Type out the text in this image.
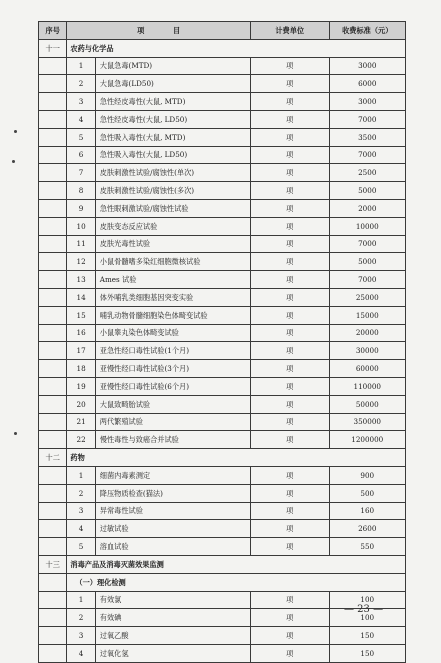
序号	项　　　　目		计费单位	收费标准（元）
十一	农药与化学品			
	1	大鼠急毒(MTD)	项	3000
	2	大鼠急毒(LD50)	项	6000
	3	急性经皮毒性(大鼠, MTD)	项	3000
	4	急性经皮毒性(大鼠, LD50)	项	7000
	5	急性吸入毒性(大鼠, MTD)	项	3500
	6	急性吸入毒性(大鼠, LD50)	项	7000
	7	皮肤刺激性试验/腐蚀性(单次)	项	2500
	8	皮肤刺激性试验/腐蚀性(多次)	项	5000
	9	急性眼刺激试验/腐蚀性试验	项	2000
	10	皮肤变态反应试验	项	10000
	11	皮肤光毒性试验	项	7000
	12	小鼠骨髓嗜多染红细胞微核试验	项	5000
	13	Ames 试验	项	7000
	14	体外哺乳类细胞基因突变实验	项	25000
	15	哺乳动物骨髓细胞染色体畸变试验	项	15000
	16	小鼠睾丸染色体畸变试验	项	20000
	17	亚急性经口毒性试验(1个月)	项	30000
	18	亚慢性经口毒性试验(3个月)	项	60000
	19	亚慢性经口毒性试验(6个月)	项	110000
	20	大鼠致畸胎试验	项	50000
	21	两代繁殖试验	项	350000
	22	慢性毒性与致癌合并试验	项	1200000
十二	药物			
	1	细菌内毒素测定	项	900
	2	降压物质检查(猫法)	项	500
	3	异常毒性试验	项	160
	4	过敏试验	项	2600
	5	溶血试验	项	550
十三	消毒产品及消毒灭菌效果监测			
	（一）理化检测			
	1	有效氯	项	100
	2	有效碘	项	100
	3	过氧乙酸	项	150
	4	过氧化氢	项	150
— 23 —
